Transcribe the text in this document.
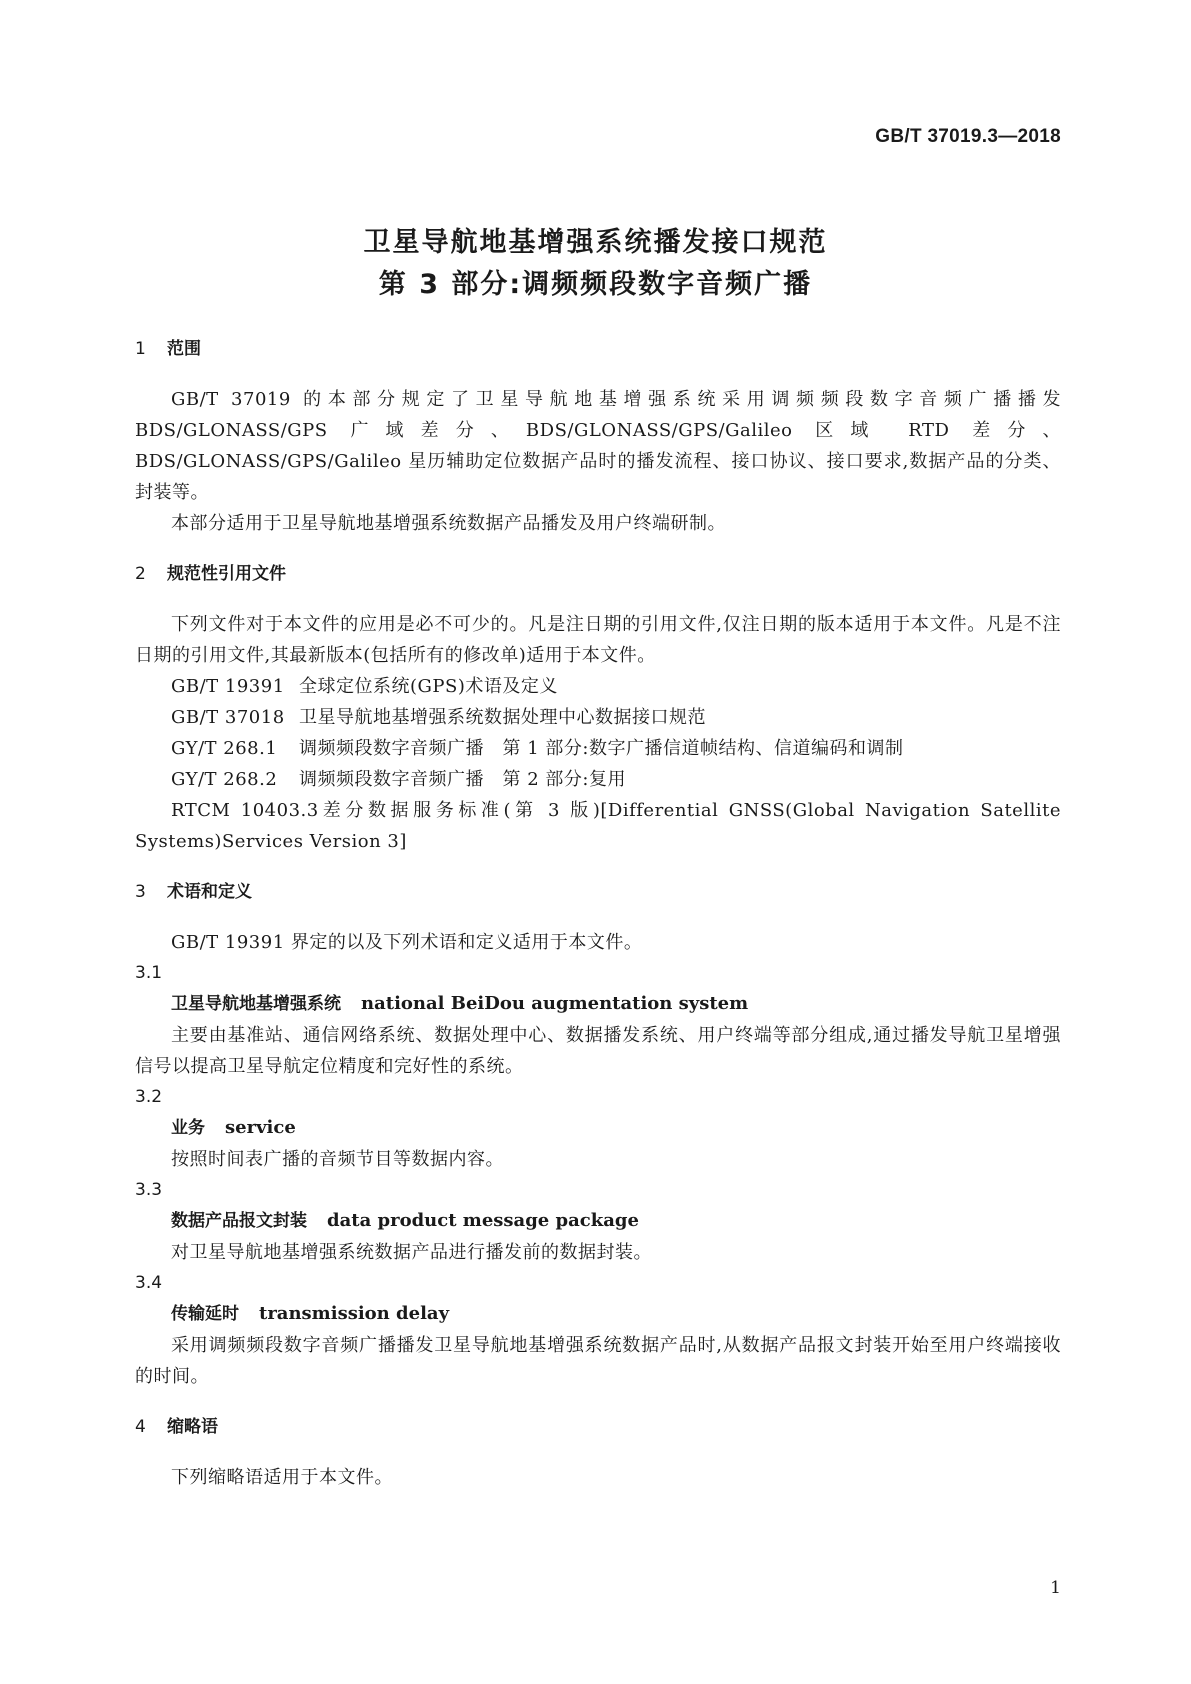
GB/T 37019.3—2018
卫星导航地基增强系统播发接口规范
第 3 部分:调频频段数字音频广播
1 范围
GB/T 37019 的本部分规定了卫星导航地基增强系统采用调频频段数字音频广播播发 BDS/GLONASS/GPS 广域差分、BDS/GLONASS/GPS/Galileo 区域 RTD 差分、BDS/GLONASS/GPS/Galileo 星历辅助定位数据产品时的播发流程、接口协议、接口要求,数据产品的分类、封装等。
本部分适用于卫星导航地基增强系统数据产品播发及用户终端研制。
2 规范性引用文件
下列文件对于本文件的应用是必不可少的。凡是注日期的引用文件,仅注日期的版本适用于本文件。凡是不注日期的引用文件,其最新版本(包括所有的修改单)适用于本文件。
GB/T 19391 全球定位系统(GPS)术语及定义
GB/T 37018 卫星导航地基增强系统数据处理中心数据接口规范
GY/T 268.1 调频频段数字音频广播　第 1 部分:数字广播信道帧结构、信道编码和调制
GY/T 268.2 调频频段数字音频广播　第 2 部分:复用
RTCM 10403.3差分数据服务标准(第 3 版)[Differential GNSS(Global Navigation Satellite Systems)Services Version 3]
3 术语和定义
GB/T 19391 界定的以及下列术语和定义适用于本文件。
3.1
卫星导航地基增强系统 national BeiDou augmentation system
主要由基准站、通信网络系统、数据处理中心、数据播发系统、用户终端等部分组成,通过播发导航卫星增强信号以提高卫星导航定位精度和完好性的系统。
3.2
业务 service
按照时间表广播的音频节目等数据内容。
3.3
数据产品报文封装 data product message package
对卫星导航地基增强系统数据产品进行播发前的数据封装。
3.4
传输延时 transmission delay
采用调频频段数字音频广播播发卫星导航地基增强系统数据产品时,从数据产品报文封装开始至用户终端接收的时间。
4 缩略语
下列缩略语适用于本文件。
1
